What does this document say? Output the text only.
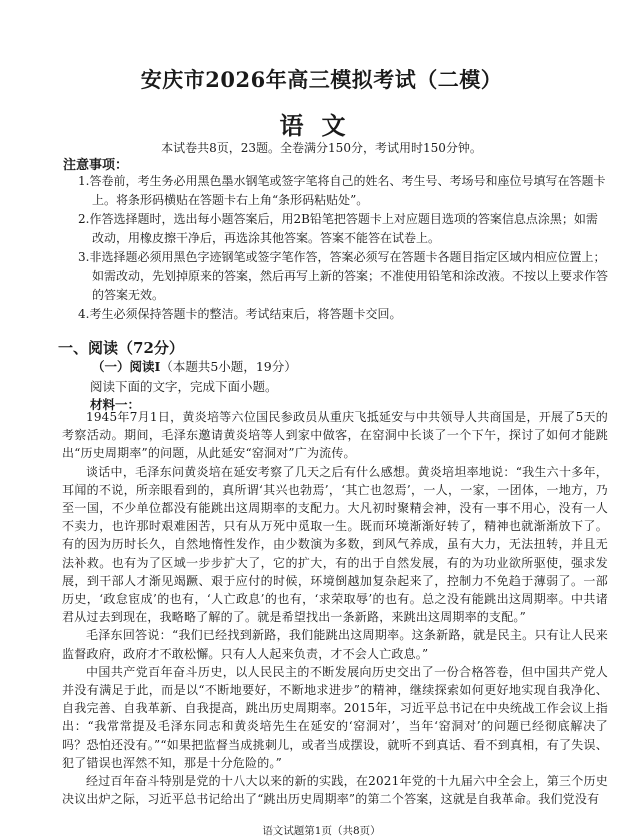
安庆市2026年高三模拟考试（二模）
语文

本试卷共8页，23题。全卷满分150分，考试用时150分钟。

注意事项：

1.答卷前，考生务必用黑色墨水钢笔或签字笔将自己的姓名、考生号、考场号和座位号填写在答题卡上。将条形码横贴在答题卡右上角“条形码粘贴处”。
2.作答选择题时，选出每小题答案后，用2B铅笔把答题卡上对应题目选项的答案信息点涂黑；如需改动，用橡皮擦干净后，再选涂其他答案。答案不能答在试卷上。
3.非选择题必须用黑色字迹钢笔或签字笔作答，答案必须写在答题卡各题目指定区域内相应位置上；如需改动，先划掉原来的答案，然后再写上新的答案；不准使用铅笔和涂改液。不按以上要求作答的答案无效。
4.考生必须保持答题卡的整洁。考试结束后，将答题卡交回。

一、阅读（72分）

（一）阅读Ⅰ（本题共5小题，19分）

阅读下面的文字，完成下面小题。

材料一：

1945年7月1日，黄炎培等六位国民参政员从重庆飞抵延安与中共领导人共商国是，开展了5天的考察活动。期间，毛泽东邀请黄炎培等人到家中做客，在窑洞中长谈了一个下午，探讨了如何才能跳出“历史周期率”的问题，从此延安“窑洞对”广为流传。

谈话中，毛泽东问黄炎培在延安考察了几天之后有什么感想。黄炎培坦率地说：“我生六十多年，耳闻的不说，所亲眼看到的，真所谓‘其兴也勃焉’，‘其亡也忽焉’，一人，一家，一团体，一地方，乃至一国，不少单位都没有能跳出这周期率的支配力。大凡初时聚精会神，没有一事不用心，没有一人不卖力，也许那时艰难困苦，只有从万死中觅取一生。既而环境渐渐好转了，精神也就渐渐放下了。有的因为历时长久，自然地惰性发作，由少数演为多数，到风气养成，虽有大力，无法扭转，并且无法补救。也有为了区域一步步扩大了，它的扩大，有的出于自然发展，有的为功业欲所驱使，强求发展，到干部人才渐见竭蹶、艰于应付的时候，环境倒越加复杂起来了，控制力不免趋于薄弱了。一部历史，‘政怠宦成’的也有，‘人亡政息’的也有，‘求荣取辱’的也有。总之没有能跳出这周期率。中共诸君从过去到现在，我略略了解的了。就是希望找出一条新路，来跳出这周期率的支配。”

毛泽东回答说：“我们已经找到新路，我们能跳出这周期率。这条新路，就是民主。只有让人民来监督政府，政府才不敢松懈。只有人人起来负责，才不会人亡政息。”

中国共产党百年奋斗历史，以人民民主的不断发展向历史交出了一份合格答卷，但中国共产党人并没有满足于此，而是以“不断地要好，不断地求进步”的精神，继续探索如何更好地实现自我净化、自我完善、自我革新、自我提高，跳出历史周期率。2015年，习近平总书记在中央统战工作会议上指出：“我常常提及毛泽东同志和黄炎培先生在延安的‘窑洞对’，当年‘窑洞对’的问题已经彻底解决了吗？恐怕还没有。”“如果把监督当成挑刺儿，或者当成摆设，就听不到真话、看不到真相，有了失误、犯了错误也浑然不知，那是十分危险的。”

经过百年奋斗特别是党的十八大以来的新的实践，在2021年党的十九届六中全会上，第三个历史决议出炉之际，习近平总书记给出了“跳出历史周期率”的第二个答案，这就是自我革命。我们党没有

语文试题第1页（共8页）
